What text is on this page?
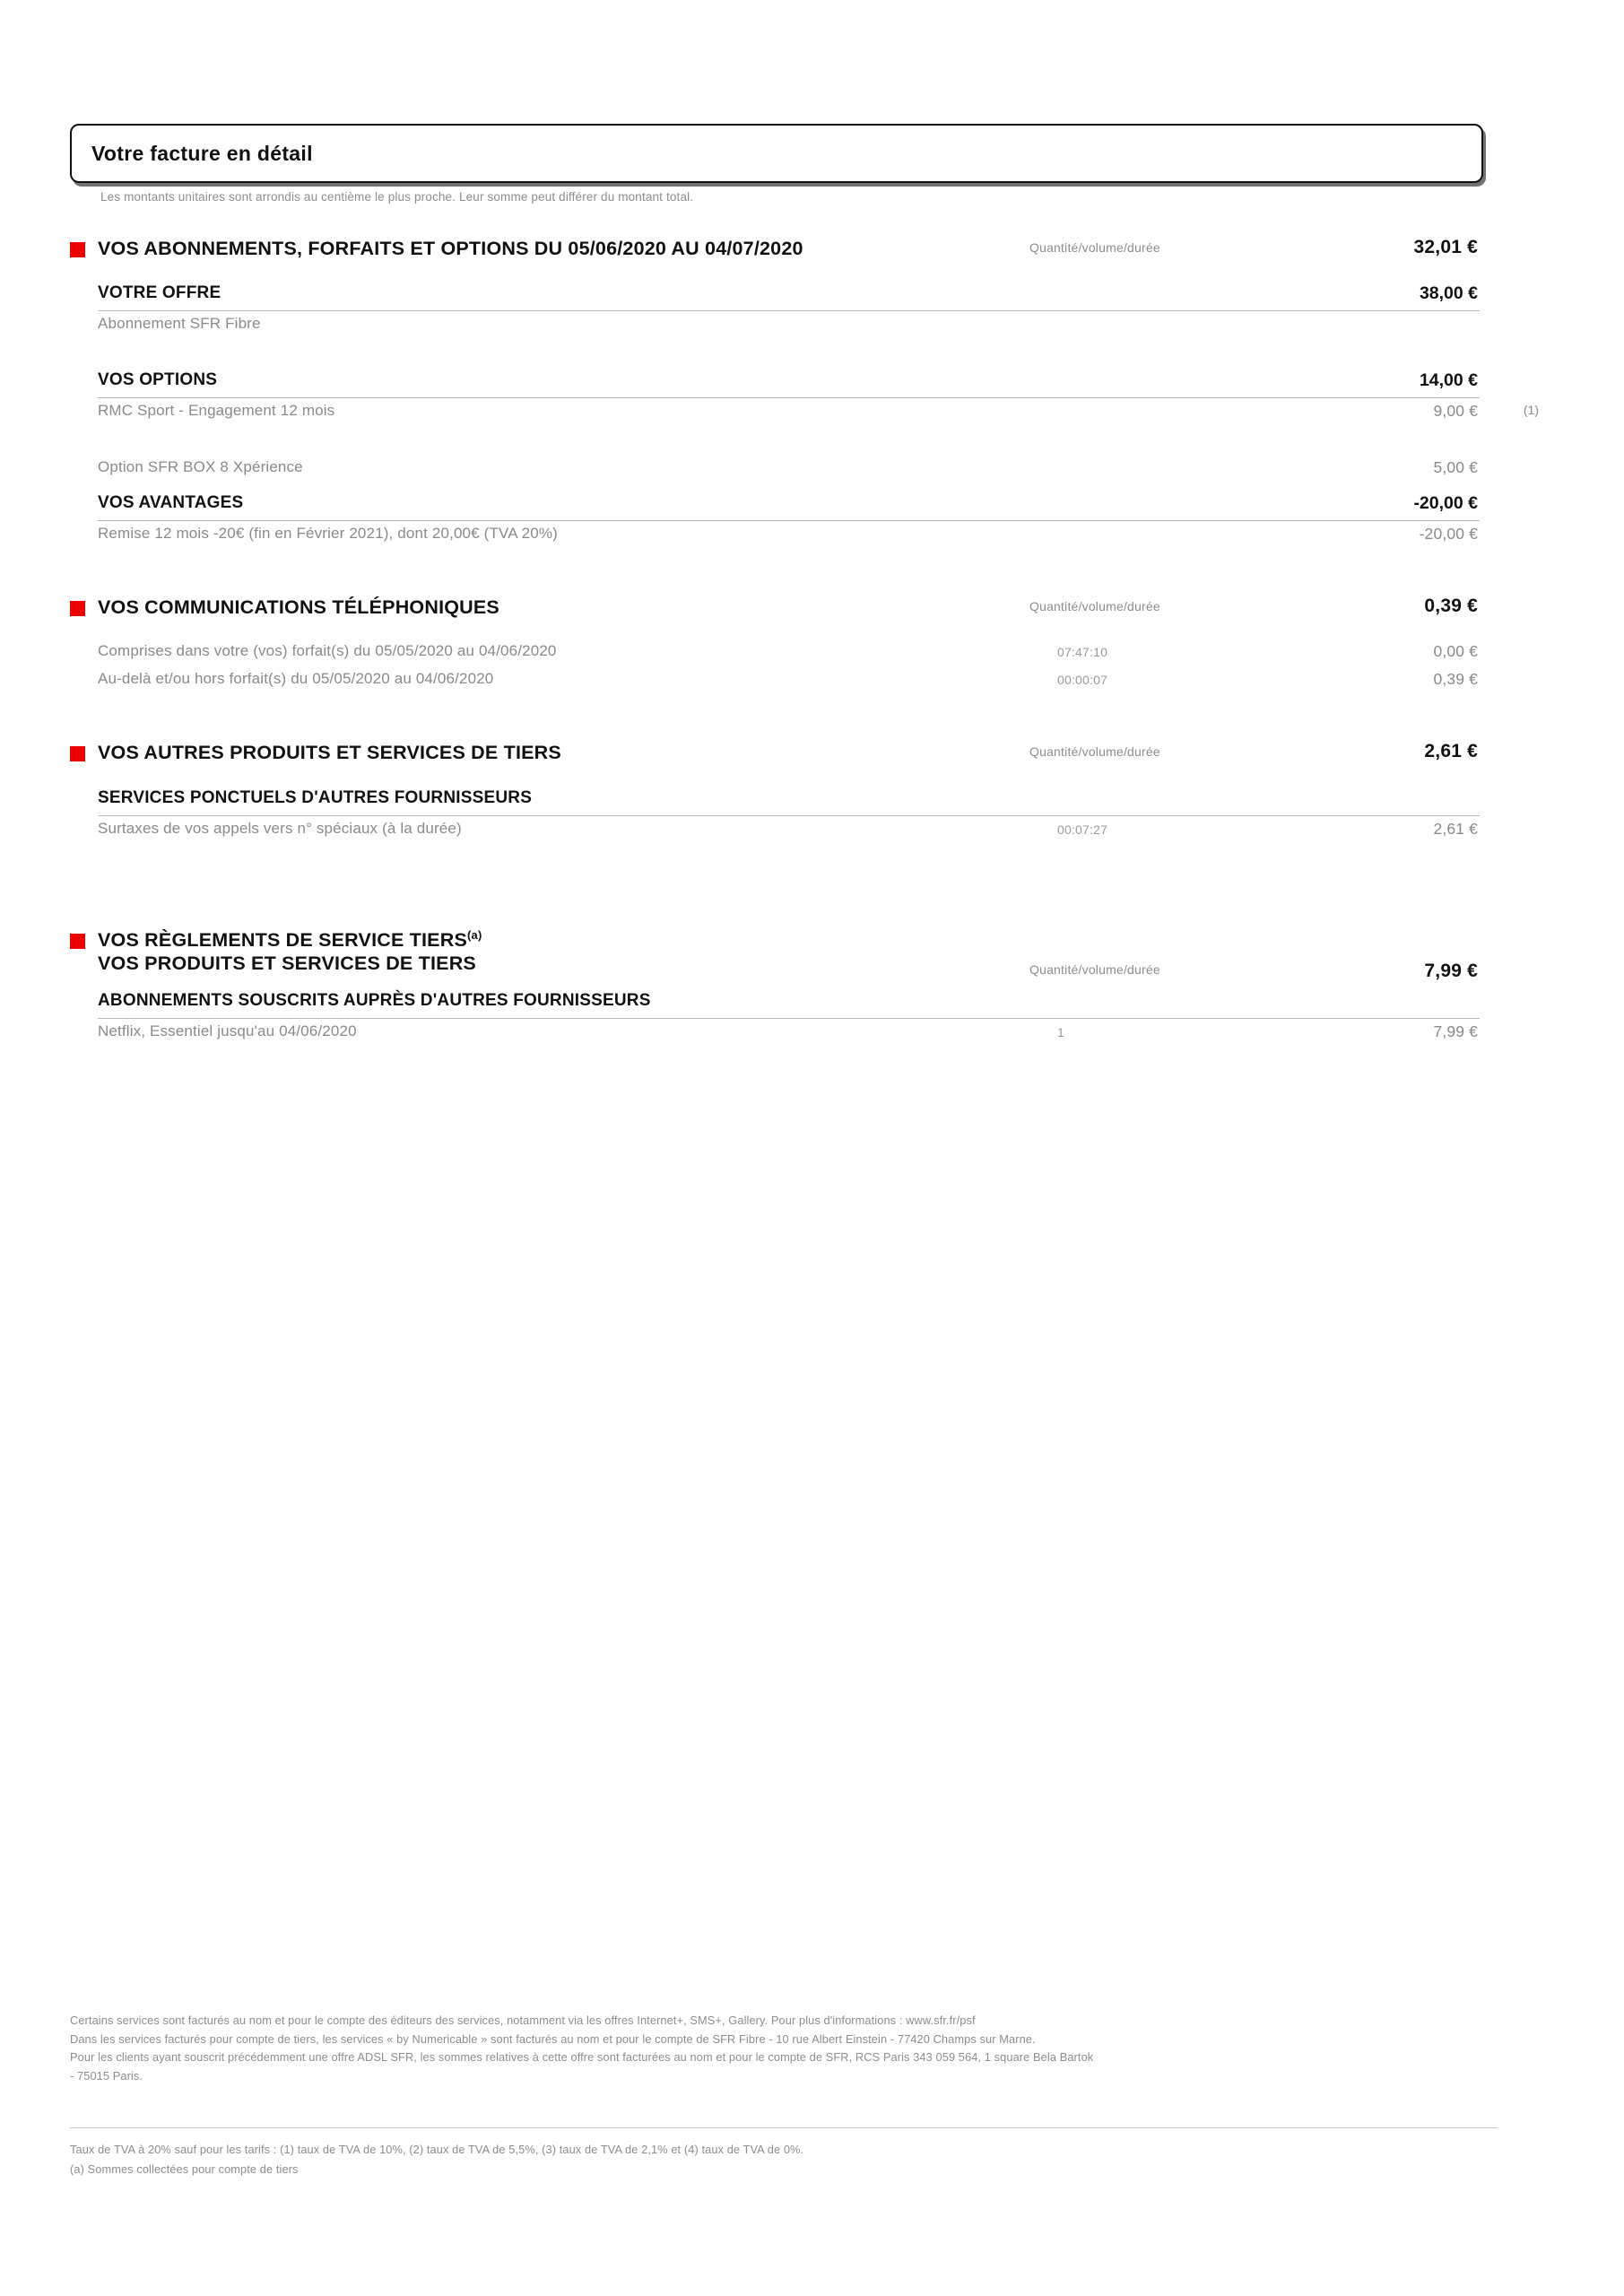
Votre facture en détail
Les montants unitaires sont arrondis au centième le plus proche. Leur somme peut différer du montant total.
VOS ABONNEMENTS, FORFAITS ET OPTIONS DU 05/06/2020 AU 04/07/2020	Quantité/volume/durée	32,01 €
VOTRE OFFRE	38,00 €
Abonnement SFR Fibre
VOS OPTIONS	14,00 €
RMC Sport - Engagement 12 mois	9,00 €	(1)
Option SFR BOX 8 Xpérience	5,00 €
VOS AVANTAGES	-20,00 €
Remise 12 mois -20€ (fin en Février 2021), dont 20,00€ (TVA 20%)	-20,00 €
VOS COMMUNICATIONS TÉLÉPHONIQUES	Quantité/volume/durée	0,39 €
Comprises dans votre (vos) forfait(s) du 05/05/2020 au 04/06/2020	07:47:10	0,00 €
Au-delà et/ou hors forfait(s) du 05/05/2020 au 04/06/2020	00:00:07	0,39 €
VOS AUTRES PRODUITS ET SERVICES DE TIERS	Quantité/volume/durée	2,61 €
SERVICES PONCTUELS D'AUTRES FOURNISSEURS
Surtaxes de vos appels vers n° spéciaux (à la durée)	00:07:27	2,61 €
VOS RÈGLEMENTS DE SERVICE TIERS$^{(a)}$
VOS PRODUITS ET SERVICES DE TIERS	Quantité/volume/durée	7,99 €
ABONNEMENTS SOUSCRITS AUPRÈS D'AUTRES FOURNISSEURS
Netflix, Essentiel jusqu'au 04/06/2020	1	7,99 €
Certains services sont facturés au nom et pour le compte des éditeurs des services, notamment via les offres Internet+, SMS+, Gallery. Pour plus d'informations : www.sfr.fr/psf
Dans les services facturés pour compte de tiers, les services « by Numericable » sont facturés au nom et pour le compte de SFR Fibre - 10 rue Albert Einstein - 77420 Champs sur Marne.
Pour les clients ayant souscrit précédemment une offre ADSL SFR, les sommes relatives à cette offre sont facturées au nom et pour le compte de SFR, RCS Paris 343 059 564, 1 square Bela Bartok
- 75015 Paris.
Taux de TVA à 20% sauf pour les tarifs : (1) taux de TVA de 10%, (2) taux de TVA de 5,5%, (3) taux de TVA de 2,1% et (4) taux de TVA de 0%.
(a) Sommes collectées pour compte de tiers
